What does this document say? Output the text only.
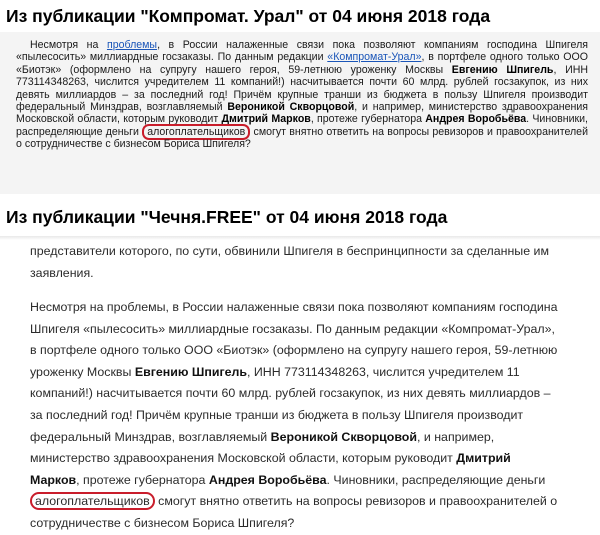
Из публикации "Компромат. Урал" от 04 июня 2018 года
Несмотря на проблемы, в России налаженные связи пока позволяют компаниям господина Шпигеля «пылесосить» миллиардные госзаказы. По данным редакции «Компромат-Урал», в портфеле одного только ООО «Биотэк» (оформлено на супругу нашего героя, 59-летнюю уроженку Москвы Евгению Шпигель, ИНН 773114348263, числится учредителем 11 компаний!) насчитывается почти 60 млрд. рублей госзакупок, из них девять миллиардов – за последний год! Причём крупные транши из бюджета в пользу Шпигеля производит федеральный Минздрав, возглавляемый Вероникой Скворцовой, и например, министерство здравоохранения Московской области, которым руководит Дмитрий Марков, протеже губернатора Андрея Воробьёва. Чиновники, распределяющие деньги алогоплательщиков смогут внятно ответить на вопросы ревизоров и правоохранителей о сотрудничестве с бизнесом Бориса Шпигеля?
Из публикации "Чечня.FREE" от 04 июня 2018 года
представители которого, по сути, обвинили Шпигеля в беспринципности за сделанные им заявления.
Несмотря на проблемы, в России налаженные связи пока позволяют компаниям господина Шпигеля «пылесосить» миллиардные госзаказы. По данным редакции «Компромат-Урал», в портфеле одного только ООО «Биотэк» (оформлено на супругу нашего героя, 59-летнюю уроженку Москвы Евгению Шпигель, ИНН 773114348263, числится учредителем 11 компаний!) насчитывается почти 60 млрд. рублей госзакупок, из них девять миллиардов – за последний год! Причём крупные транши из бюджета в пользу Шпигеля производит федеральный Минздрав, возглавляемый Вероникой Скворцовой, и например, министерство здравоохранения Московской области, которым руководит Дмитрий Марков, протеже губернатора Андрея Воробьёва. Чиновники, распределяющие деньги алогоплательщиков смогут внятно ответить на вопросы ревизоров и правоохранителей о сотрудничестве с бизнесом Бориса Шпигеля?
